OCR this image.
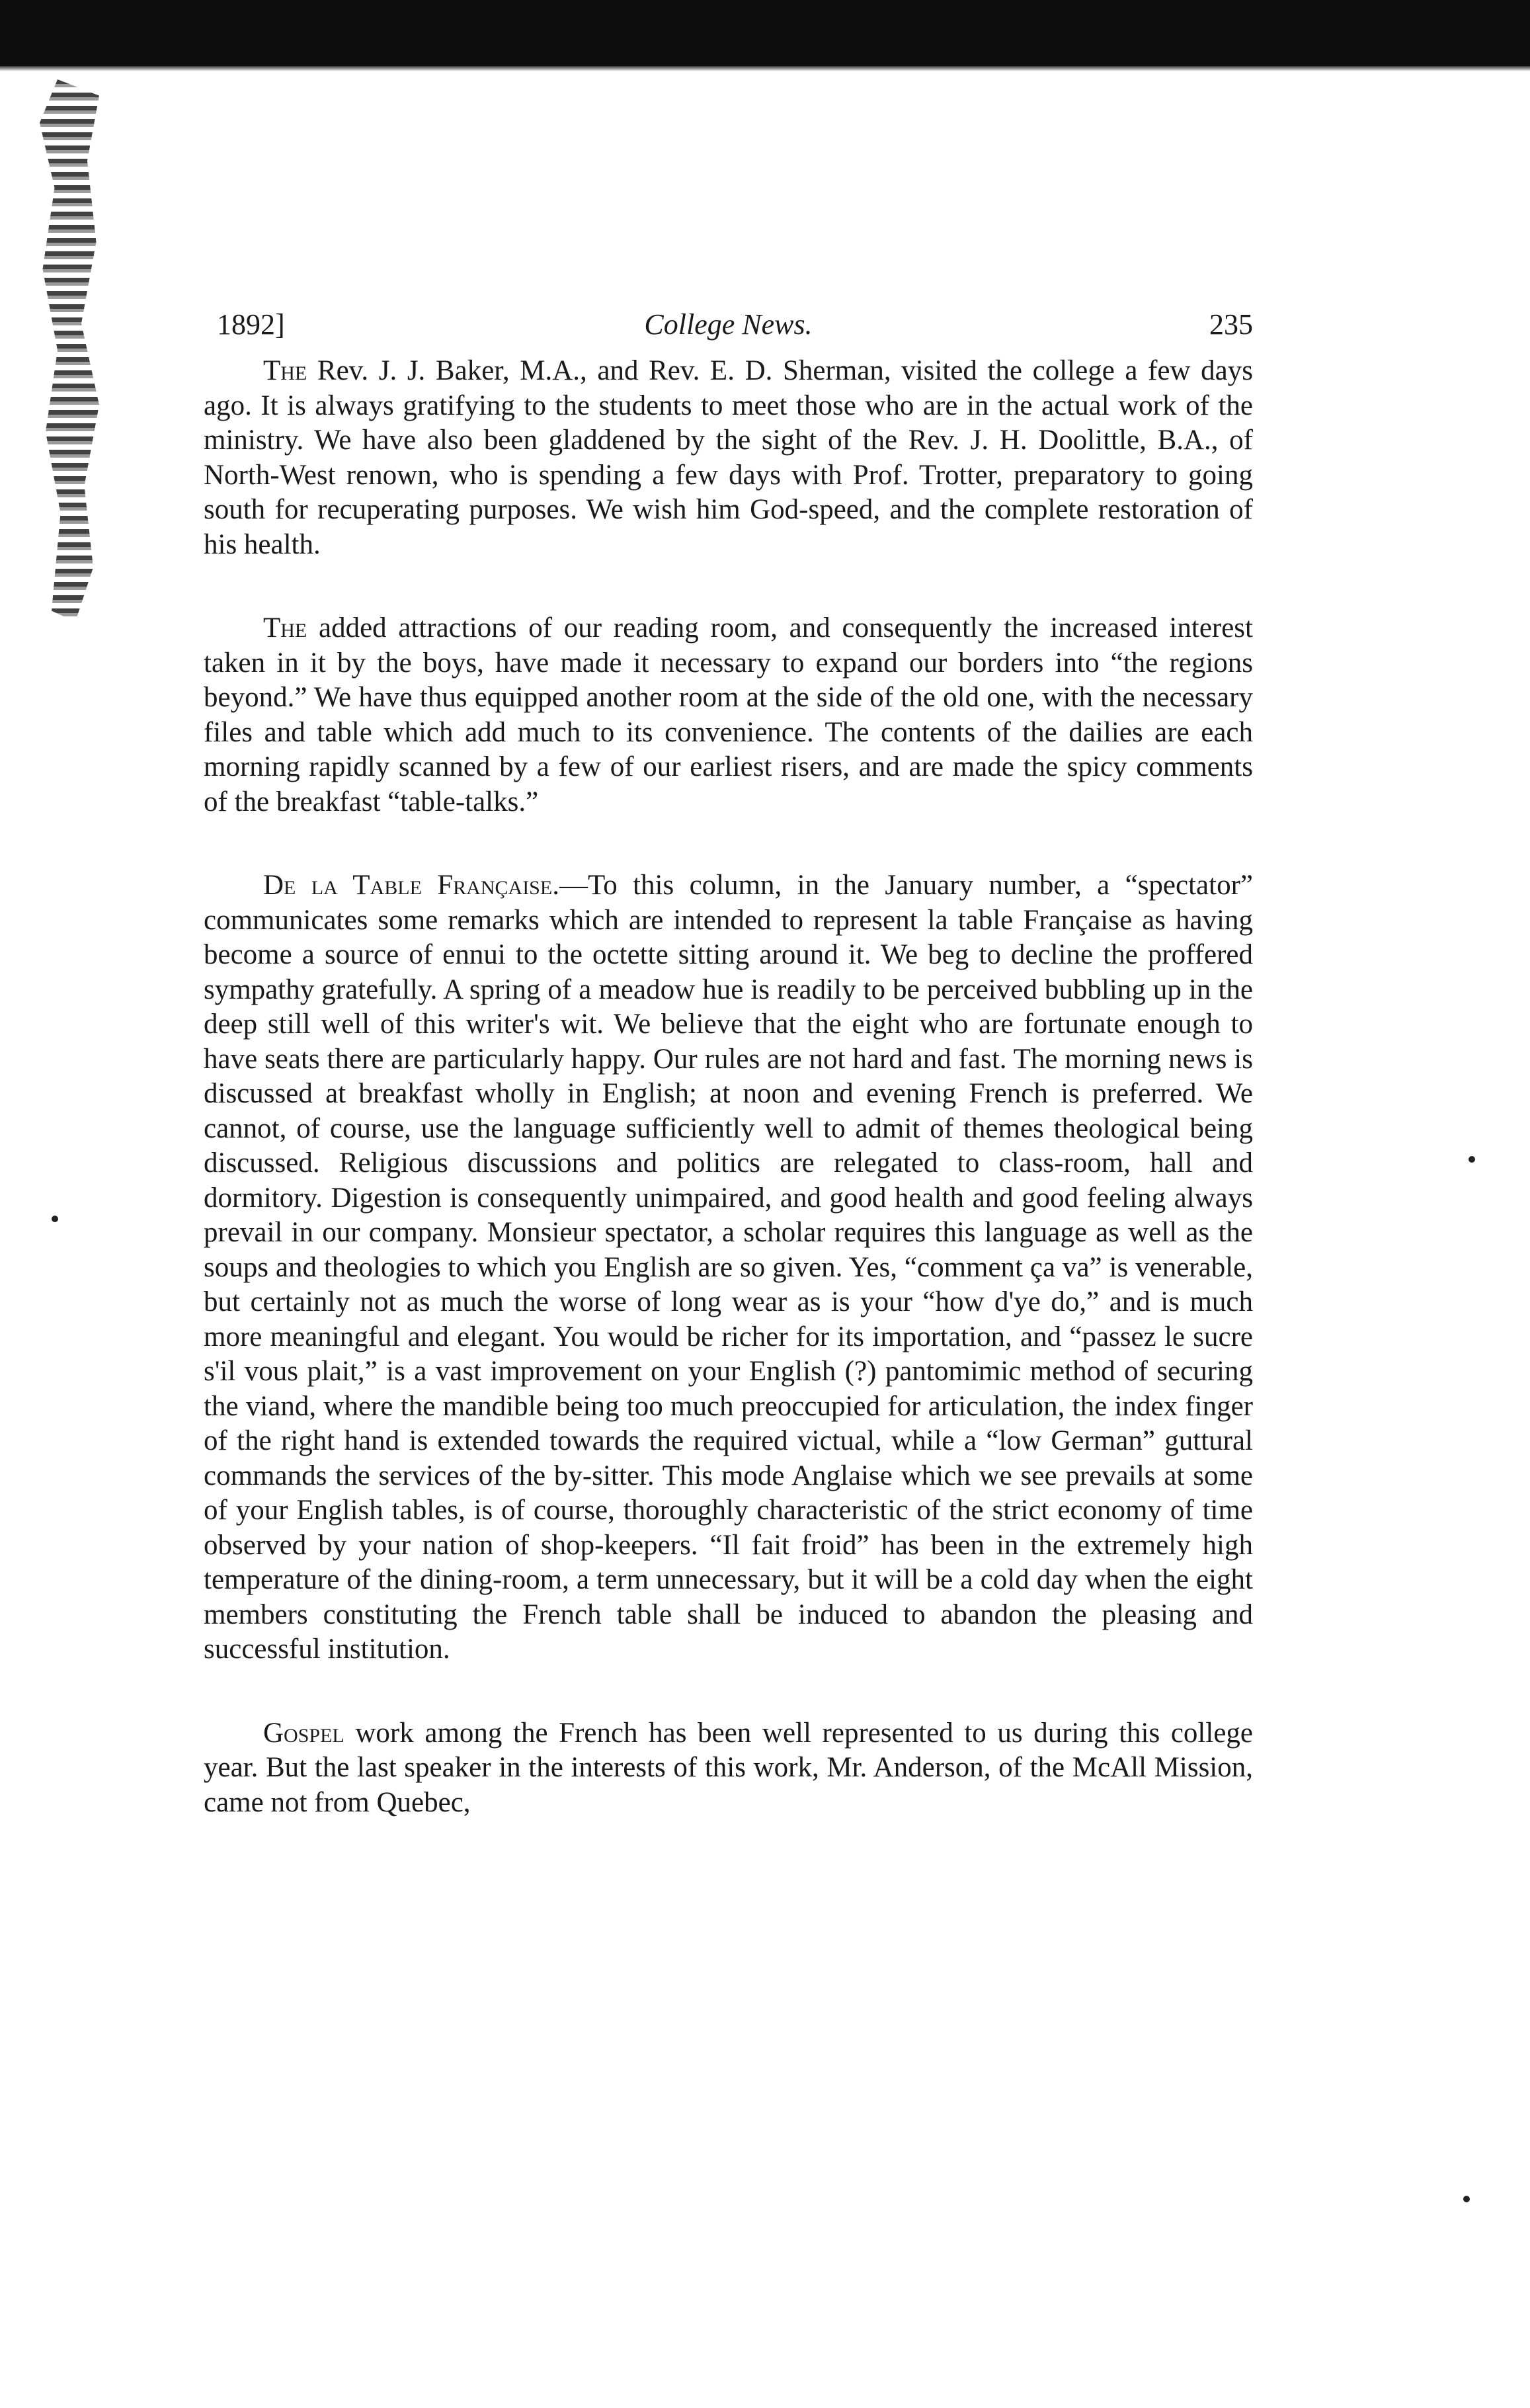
1892]	College News.	235

The Rev. J. J. Baker, M.A., and Rev. E. D. Sherman, visited the college a few days ago. It is always gratifying to the students to meet those who are in the actual work of the ministry. We have also been gladdened by the sight of the Rev. J. H. Doolittle, B.A., of North-West renown, who is spending a few days with Prof. Trotter, preparatory to going south for recuperating purposes. We wish him God-speed, and the complete restoration of his health.

The added attractions of our reading room, and consequently the increased interest taken in it by the boys, have made it necessary to expand our borders into “the regions beyond.” We have thus equipped another room at the side of the old one, with the necessary files and table which add much to its convenience. The contents of the dailies are each morning rapidly scanned by a few of our earliest risers, and are made the spicy comments of the breakfast “table-talks.”

De la Table Française.—To this column, in the January number, a “spectator” communicates some remarks which are intended to represent la table Française as having become a source of ennui to the octette sitting around it. We beg to decline the proffered sympathy gratefully. A spring of a meadow hue is readily to be perceived bubbling up in the deep still well of this writer's wit. We believe that the eight who are fortunate enough to have seats there are particularly happy. Our rules are not hard and fast. The morning news is discussed at breakfast wholly in English; at noon and evening French is preferred. We cannot, of course, use the language sufficiently well to admit of themes theological being discussed. Religious discussions and politics are relegated to class-room, hall and dormitory. Digestion is consequently unimpaired, and good health and good feeling always prevail in our company. Monsieur spectator, a scholar requires this language as well as the soups and theologies to which you English are so given. Yes, “comment ça va” is venerable, but certainly not as much the worse of long wear as is your “how d'ye do,” and is much more meaningful and elegant. You would be richer for its importation, and “passez le sucre s'il vous plait,” is a vast improvement on your English (?) pantomimic method of securing the viand, where the mandible being too much preoccupied for articulation, the index finger of the right hand is extended towards the required victual, while a “low German” guttural commands the services of the by-sitter. This mode Anglaise which we see prevails at some of your English tables, is of course, thoroughly characteristic of the strict economy of time observed by your nation of shop-keepers. “Il fait froid” has been in the extremely high temperature of the dining-room, a term unnecessary, but it will be a cold day when the eight members constituting the French table shall be induced to abandon the pleasing and successful institution.

Gospel work among the French has been well represented to us during this college year. But the last speaker in the interests of this work, Mr. Anderson, of the McAll Mission, came not from Quebec,
